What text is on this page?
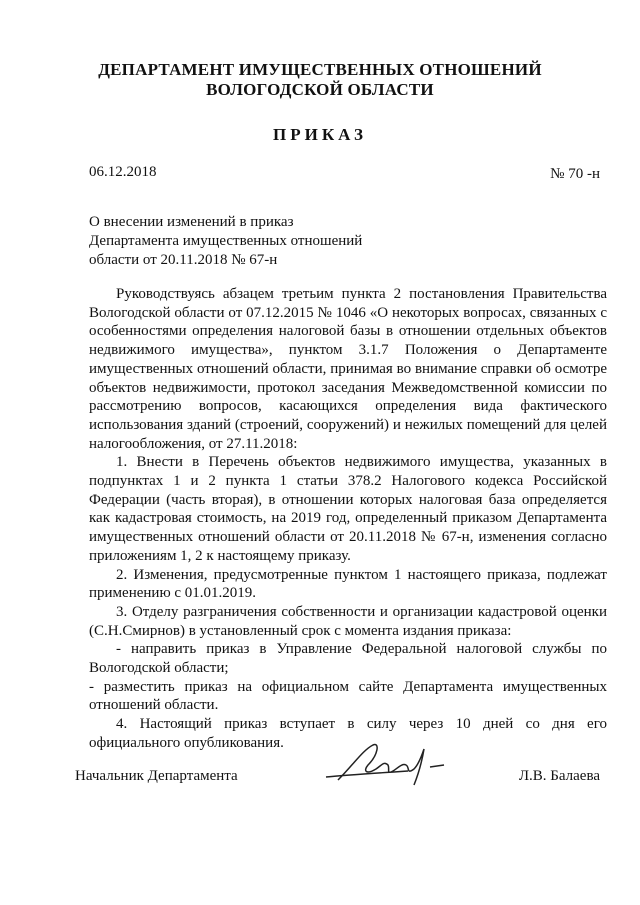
ДЕПАРТАМЕНТ ИМУЩЕСТВЕННЫХ ОТНОШЕНИЙ
ВОЛОГОДСКОЙ ОБЛАСТИ
ПРИКАЗ
06.12.2018	№ 70 -н
О внесении изменений в приказ
Департамента имущественных отношений
области от 20.11.2018 № 67-н

Руководствуясь абзацем третьим пункта 2 постановления Правительства Вологодской области от 07.12.2015 № 1046 «О некоторых вопросах, связанных с особенностями определения налоговой базы в отношении отдельных объектов недвижимого имущества», пунктом 3.1.7 Положения о Департаменте имущественных отношений области, принимая во внимание справки об осмотре объектов недвижимости, протокол заседания Межведомственной комиссии по рассмотрению вопросов, касающихся определения вида фактического использования зданий (строений, сооружений) и нежилых помещений для целей налогообложения, от 27.11.2018:

1. Внести в Перечень объектов недвижимого имущества, указанных в подпунктах 1 и 2 пункта 1 статьи 378.2 Налогового кодекса Российской Федерации (часть вторая), в отношении которых налоговая база определяется как кадастровая стоимость, на 2019 год, определенный приказом Департамента имущественных отношений области от 20.11.2018 № 67-н, изменения согласно приложениям 1, 2 к настоящему приказу.

2. Изменения, предусмотренные пунктом 1 настоящего приказа, подлежат применению с 01.01.2019.

3. Отделу разграничения собственности и организации кадастровой оценки (С.Н.Смирнов) в установленный срок с момента издания приказа:

- направить приказ в Управление Федеральной налоговой службы по Вологодской области;

- разместить приказ на официальном сайте Департамента имущественных отношений области.

4. Настоящий приказ вступает в силу через 10 дней со дня его официального опубликования.

Начальник Департамента	Л.В. Балаева
